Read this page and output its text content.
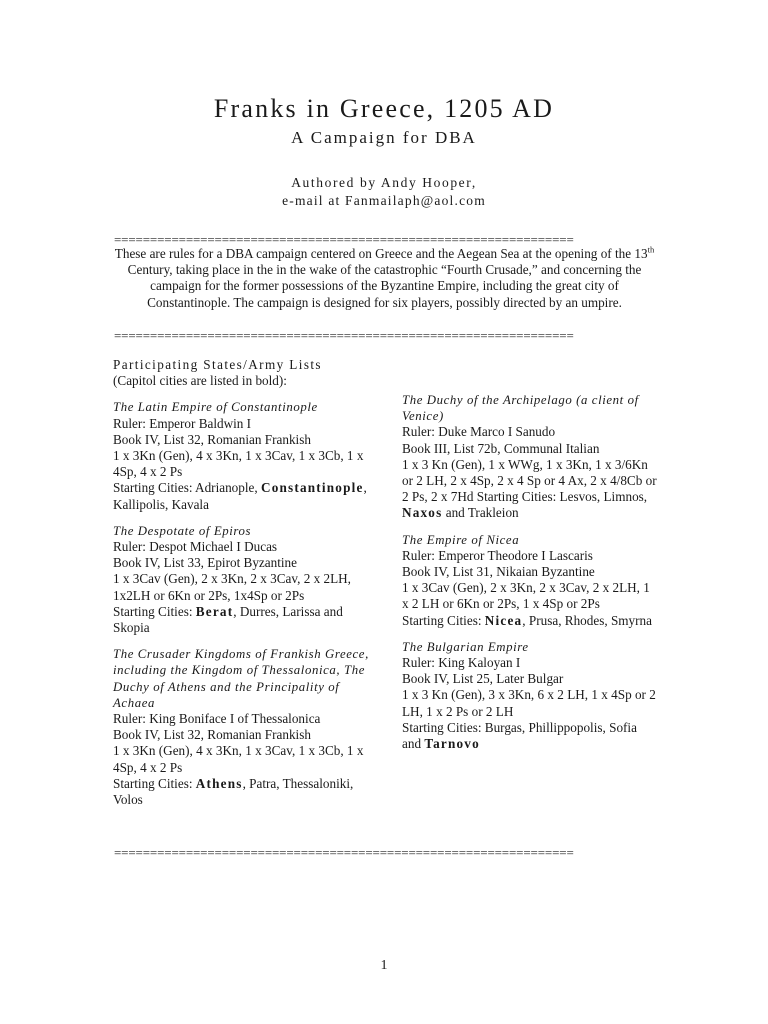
Franks in Greece, 1205 AD
A Campaign for DBA
Authored by Andy Hooper,
e-mail at Fanmailaph@aol.com
================================================================
These are rules for a DBA campaign centered on Greece and the Aegean Sea at the opening of the 13th Century, taking place in the in the wake of the catastrophic “Fourth Crusade,” and concerning the campaign for the former possessions of the Byzantine Empire, including the great city of Constantinople. The campaign is designed for six players, possibly directed by an umpire.
================================================================
Participating States/Army Lists
(Capitol cities are listed in bold):
The Latin Empire of Constantinople
Ruler: Emperor Baldwin I
Book IV, List 32, Romanian Frankish
1 x 3Kn (Gen), 4 x 3Kn, 1 x 3Cav, 1 x 3Cb, 1 x 4Sp, 4 x 2 Ps
Starting Cities: Adrianople, Constantinople, Kallipolis, Kavala
The Despotate of Epiros
Ruler: Despot Michael I Ducas
Book IV, List 33, Epirot Byzantine
1 x 3Cav (Gen), 2 x 3Kn, 2 x 3Cav, 2 x 2LH, 1x2LH or 6Kn or 2Ps, 1x4Sp or 2Ps
Starting Cities: Berat, Durres, Larissa and Skopia
The Crusader Kingdoms of Frankish Greece, including the Kingdom of Thessalonica, The Duchy of Athens and the Principality of Achaea
Ruler: King Boniface I of Thessalonica
Book IV, List 32, Romanian Frankish
1 x 3Kn (Gen), 4 x 3Kn, 1 x 3Cav, 1 x 3Cb, 1 x 4Sp, 4 x 2 Ps
Starting Cities: Athens, Patra, Thessaloniki, Volos
The Duchy of the Archipelago (a client of Venice)
Ruler: Duke Marco I Sanudo
Book III, List 72b, Communal Italian
1 x 3 Kn (Gen), 1 x WWg, 1 x 3Kn, 1 x 3/6Kn or 2 LH, 2 x 4Sp, 2 x 4 Sp or 4 Ax, 2 x 4/8Cb or 2 Ps, 2 x 7Hd Starting Cities: Lesvos, Limnos, Naxos and Trakleion
The Empire of Nicea
Ruler: Emperor Theodore I Lascaris
Book IV, List 31, Nikaian Byzantine
1 x 3Cav (Gen), 2 x 3Kn, 2 x 3Cav, 2 x 2LH, 1 x 2 LH or 6Kn or 2Ps, 1 x 4Sp or 2Ps
Starting Cities: Nicea, Prusa, Rhodes, Smyrna
The Bulgarian Empire
Ruler: King Kaloyan I
Book IV, List 25, Later Bulgar
1 x 3 Kn (Gen), 3 x 3Kn, 6 x 2 LH, 1 x 4Sp or 2 LH, 1 x 2 Ps or 2 LH
Starting Cities: Burgas, Phillippopolis, Sofia and Tarnovo
================================================================
1
